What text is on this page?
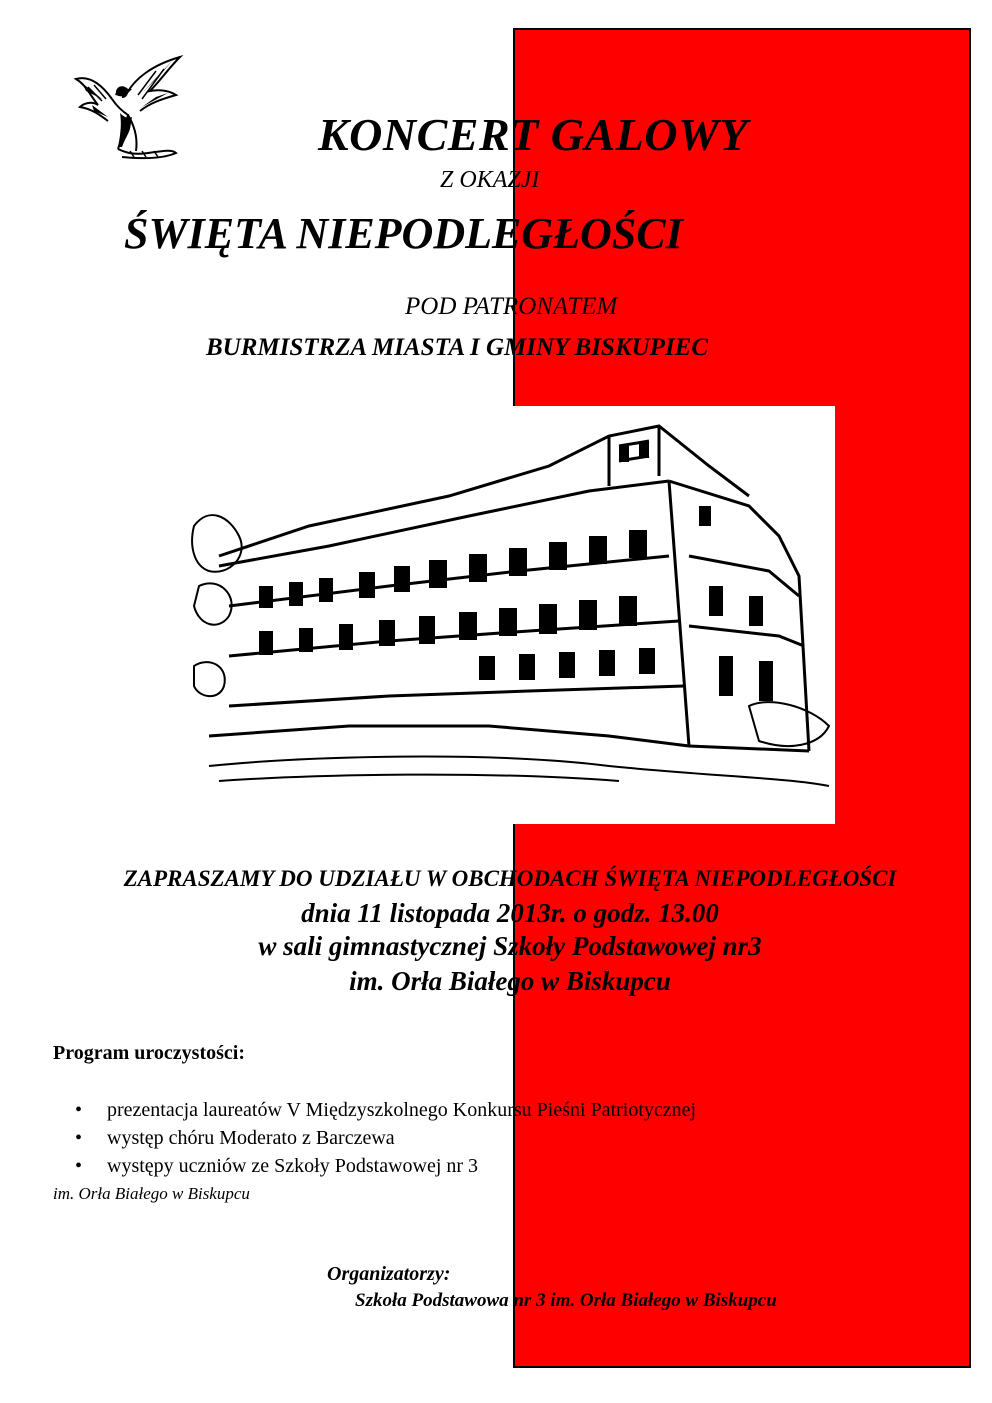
KONCERT GALOWY
Z OKAZJI
ŚWIĘTA NIEPODLEGŁOŚCI
POD PATRONATEM
BURMISTRZA MIASTA I GMINY BISKUPIEC
ZAPRASZAMY DO UDZIAŁU W OBCHODACH ŚWIĘTA NIEPODLEGŁOŚCI
dnia 11 listopada 2013r. o godz. 13.00
w sali gimnastycznej Szkoły Podstawowej nr3
im. Orła Białego w Biskupcu
Program uroczystości:
• prezentacja laureatów V Międzyszkolnego Konkursu Pieśni Patriotycznej
• występ chóru Moderato z Barczewa
• występy uczniów ze Szkoły Podstawowej nr 3
im. Orła Białego w Biskupcu
Organizatorzy:
Szkoła Podstawowa nr 3 im. Orła Białego w Biskupcu
